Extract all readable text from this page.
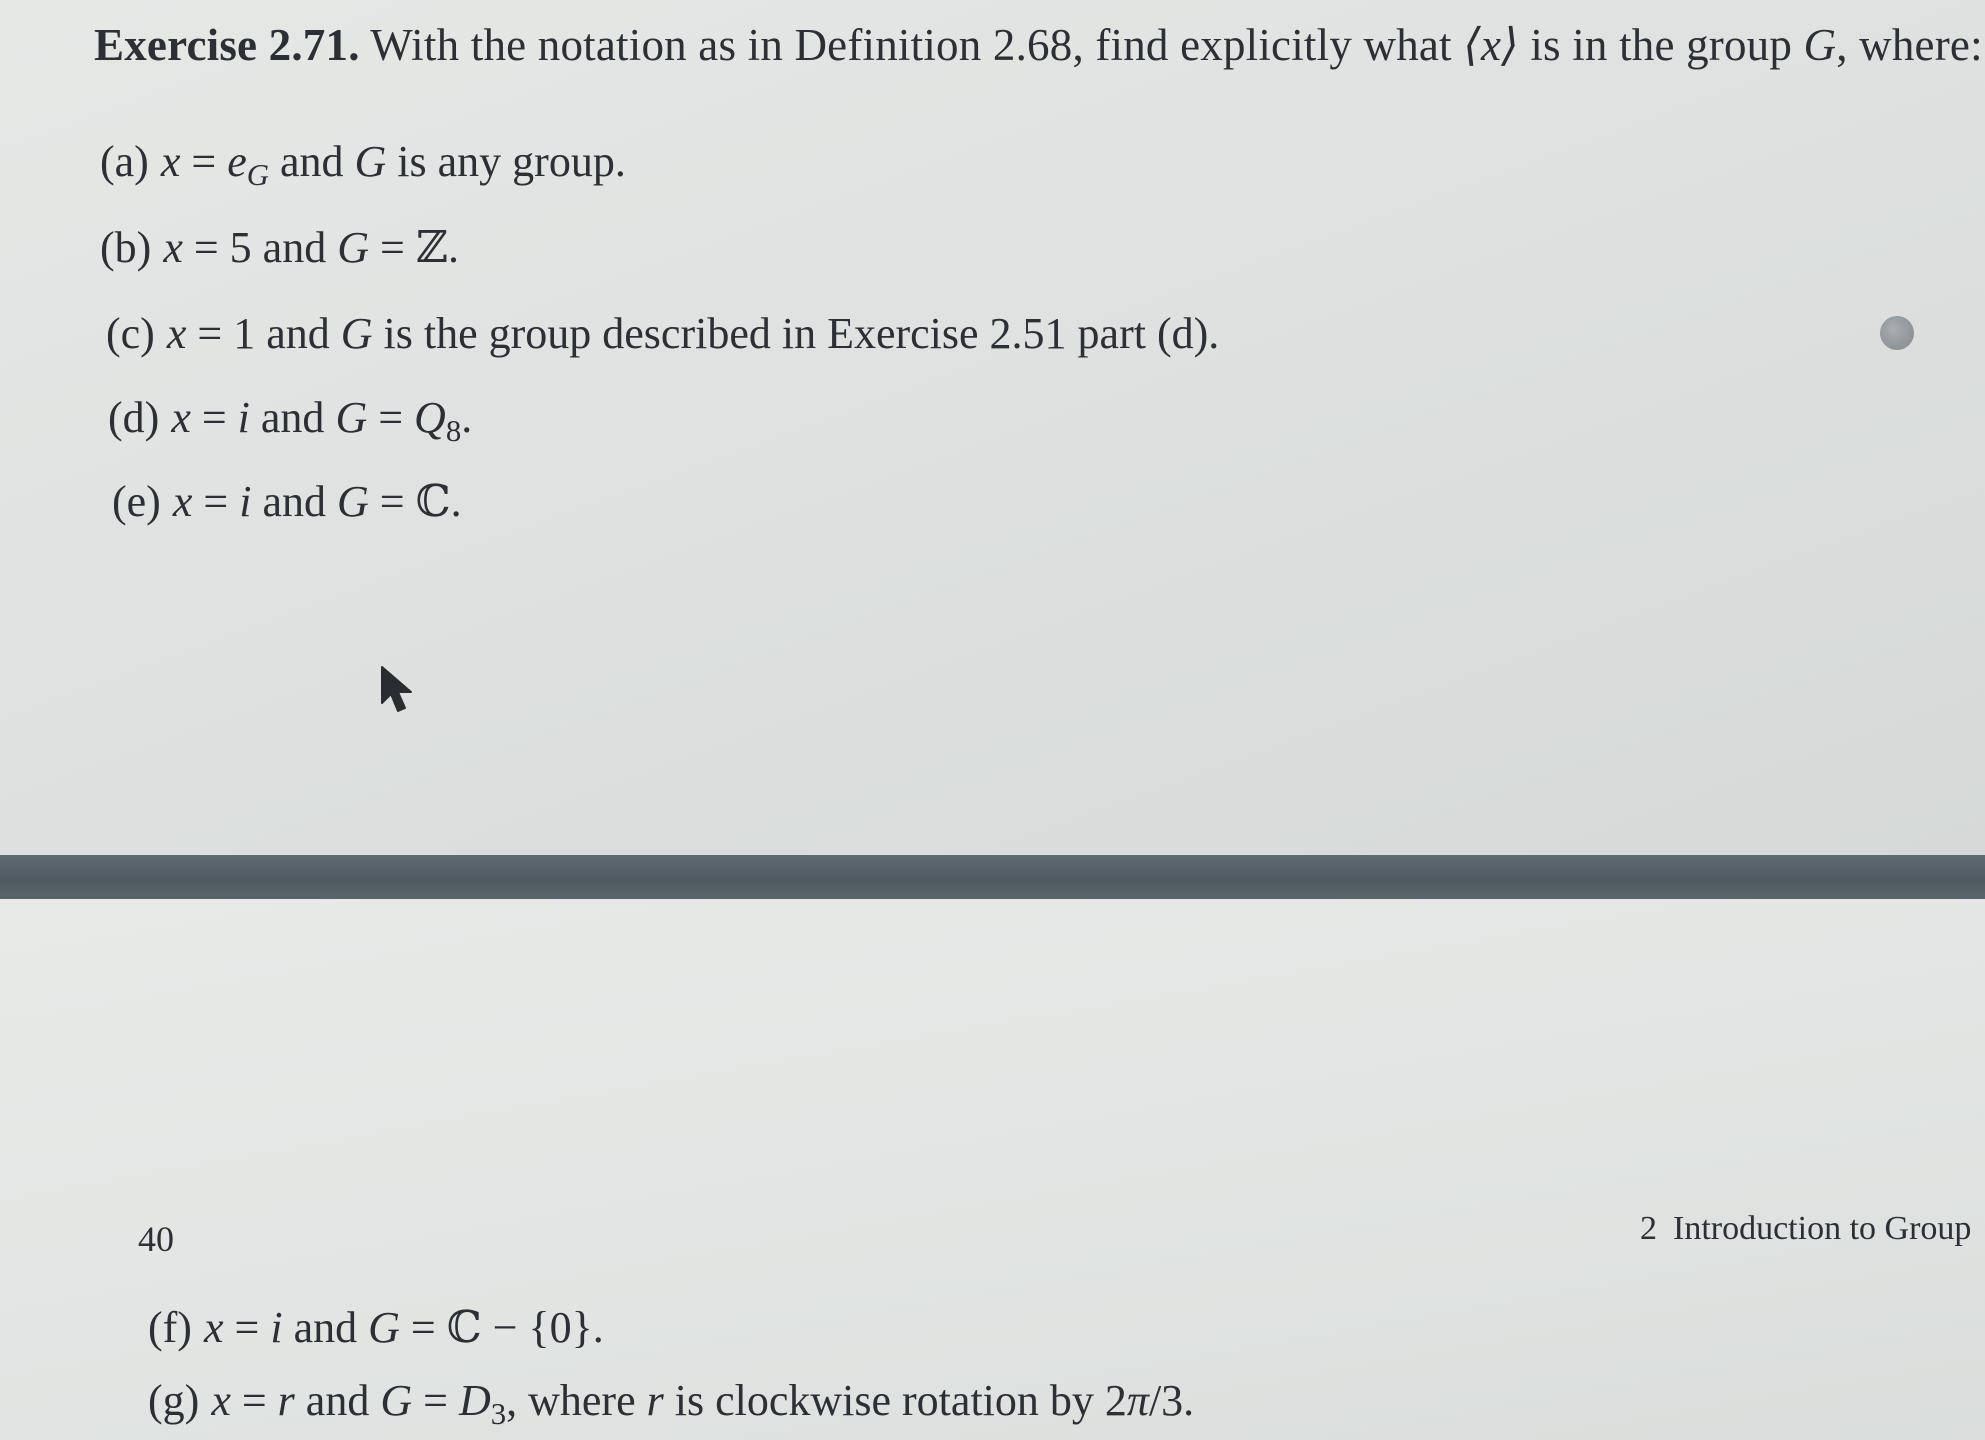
Exercise 2.71. With the notation as in Definition 2.68, find explicitly what ⟨x⟩ is in the group G, where:

(a) $x = e_G$ and G is any group.

(b) x = 5 and G = ℤ.

(c) x = 1 and G is the group described in Exercise 2.51 part (d).

(d) x = i and $G = Q_8$.

(e) x = i and G = ℂ.

40	2 Introduction to Group

(f) x = i and G = ℂ − {0}.

(g) x = r and $G = D_3$, where r is clockwise rotation by 2π/3.
